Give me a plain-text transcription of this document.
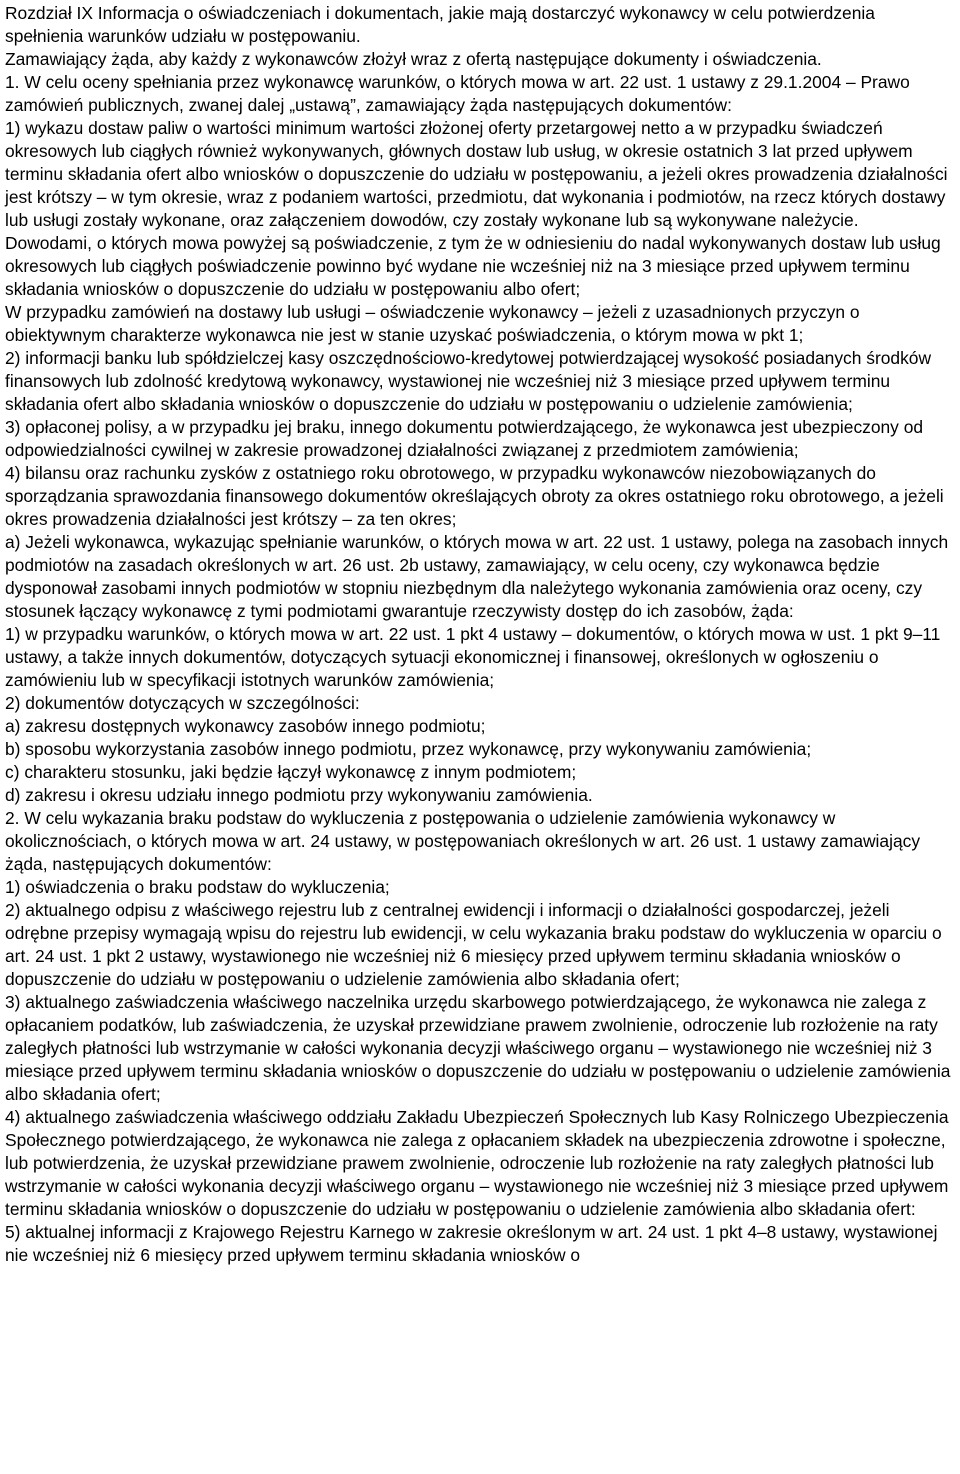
Rozdział IX Informacja o oświadczeniach i dokumentach, jakie mają dostarczyć wykonawcy w celu potwierdzenia spełnienia warunków udziału w postępowaniu.

Zamawiający żąda, aby każdy z wykonawców złożył wraz z ofertą następujące dokumenty i oświadczenia.

1. W celu oceny spełniania przez wykonawcę warunków, o których mowa w art. 22 ust. 1 ustawy z 29.1.2004 – Prawo zamówień publicznych, zwanej dalej „ustawą”, zamawiający żąda następujących dokumentów:

1) wykazu dostaw paliw o wartości minimum wartości złożonej oferty przetargowej netto a w przypadku świadczeń okresowych lub ciągłych również wykonywanych, głównych dostaw lub usług, w okresie ostatnich 3 lat przed upływem terminu składania ofert albo wniosków o dopuszczenie do udziału w postępowaniu, a jeżeli okres prowadzenia działalności jest krótszy – w tym okresie, wraz z podaniem wartości, przedmiotu, dat wykonania i podmiotów, na rzecz których dostawy lub usługi zostały wykonane, oraz załączeniem dowodów, czy zostały wykonane lub są wykonywane należycie.

Dowodami, o których mowa powyżej są poświadczenie, z tym że w odniesieniu do nadal wykonywanych dostaw lub usług okresowych lub ciągłych poświadczenie powinno być wydane nie wcześniej niż na 3 miesiące przed upływem terminu składania wniosków o dopuszczenie do udziału w postępowaniu albo ofert;

W przypadku zamówień na dostawy lub usługi – oświadczenie wykonawcy – jeżeli z uzasadnionych przyczyn o obiektywnym charakterze wykonawca nie jest w stanie uzyskać poświadczenia, o którym mowa w pkt 1;

2) informacji banku lub spółdzielczej kasy oszczędnościowo-kredytowej potwierdzającej wysokość posiadanych środków finansowych lub zdolność kredytową wykonawcy, wystawionej nie wcześniej niż 3 miesiące przed upływem terminu składania ofert albo składania wniosków o dopuszczenie do udziału w postępowaniu o udzielenie zamówienia;

3) opłaconej polisy, a w przypadku jej braku, innego dokumentu potwierdzającego, że wykonawca jest ubezpieczony od odpowiedzialności cywilnej w zakresie prowadzonej działalności związanej z przedmiotem zamówienia;

4) bilansu oraz rachunku zysków z ostatniego roku obrotowego, w przypadku wykonawców niezobowiązanych do sporządzania sprawozdania finansowego dokumentów określających obroty za okres ostatniego roku obrotowego, a jeżeli okres prowadzenia działalności jest krótszy – za ten okres;

a) Jeżeli wykonawca, wykazując spełnianie warunków, o których mowa w art. 22 ust. 1 ustawy, polega na zasobach innych podmiotów na zasadach określonych w art. 26 ust. 2b ustawy, zamawiający, w celu oceny, czy wykonawca będzie dysponował zasobami innych podmiotów w stopniu niezbędnym dla należytego wykonania zamówienia oraz oceny, czy stosunek łączący wykonawcę z tymi podmiotami gwarantuje rzeczywisty dostęp do ich zasobów, żąda:

1) w przypadku warunków, o których mowa w art. 22 ust. 1 pkt 4 ustawy – dokumentów, o których mowa w ust. 1 pkt 9–11 ustawy, a także innych dokumentów, dotyczących sytuacji ekonomicznej i finansowej, określonych w ogłoszeniu o zamówieniu lub w specyfikacji istotnych warunków zamówienia;

2) dokumentów dotyczących w szczególności:

a) zakresu dostępnych wykonawcy zasobów innego podmiotu;

b) sposobu wykorzystania zasobów innego podmiotu, przez wykonawcę, przy wykonywaniu zamówienia;

c) charakteru stosunku, jaki będzie łączył wykonawcę z innym podmiotem;

d) zakresu i okresu udziału innego podmiotu przy wykonywaniu zamówienia.

2. W celu wykazania braku podstaw do wykluczenia z postępowania o udzielenie zamówienia wykonawcy w okolicznościach, o których mowa w art. 24 ustawy, w postępowaniach określonych w art. 26 ust. 1 ustawy zamawiający żąda, następujących dokumentów:

1) oświadczenia o braku podstaw do wykluczenia;

2) aktualnego odpisu z właściwego rejestru lub z centralnej ewidencji i informacji o działalności gospodarczej, jeżeli odrębne przepisy wymagają wpisu do rejestru lub ewidencji, w celu wykazania braku podstaw do wykluczenia w oparciu o art. 24 ust. 1 pkt 2 ustawy, wystawionego nie wcześniej niż 6 miesięcy przed upływem terminu składania wniosków o dopuszczenie do udziału w postępowaniu o udzielenie zamówienia albo składania ofert;

3) aktualnego zaświadczenia właściwego naczelnika urzędu skarbowego potwierdzającego, że wykonawca nie zalega z opłacaniem podatków, lub zaświadczenia, że uzyskał przewidziane prawem zwolnienie, odroczenie lub rozłożenie na raty zaległych płatności lub wstrzymanie w całości wykonania decyzji właściwego organu – wystawionego nie wcześniej niż 3 miesiące przed upływem terminu składania wniosków o dopuszczenie do udziału w postępowaniu o udzielenie zamówienia albo składania ofert;

4) aktualnego zaświadczenia właściwego oddziału Zakładu Ubezpieczeń Społecznych lub Kasy Rolniczego Ubezpieczenia Społecznego potwierdzającego, że wykonawca nie zalega z opłacaniem składek na ubezpieczenia zdrowotne i społeczne, lub potwierdzenia, że uzyskał przewidziane prawem zwolnienie, odroczenie lub rozłożenie na raty zaległych płatności lub wstrzymanie w całości wykonania decyzji właściwego organu – wystawionego nie wcześniej niż 3 miesiące przed upływem terminu składania wniosków o dopuszczenie do udziału w postępowaniu o udzielenie zamówienia albo składania ofert:

5) aktualnej informacji z Krajowego Rejestru Karnego w zakresie określonym w art. 24 ust. 1 pkt 4–8 ustawy, wystawionej nie wcześniej niż 6 miesięcy przed upływem terminu składania wniosków o
